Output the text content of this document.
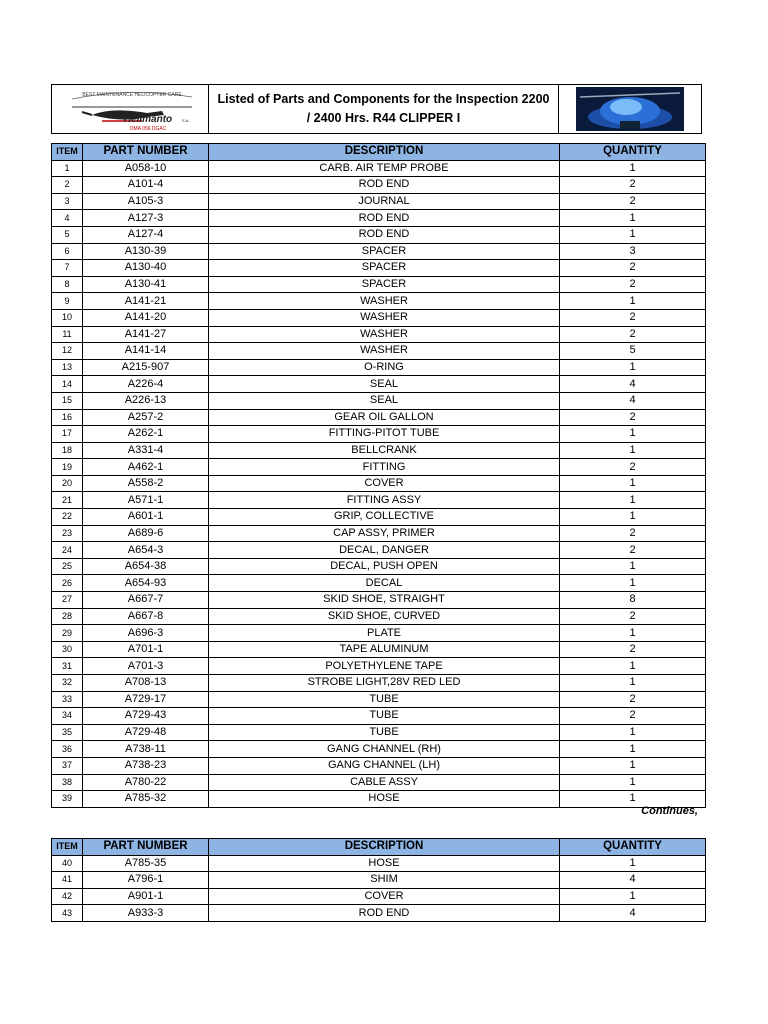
BEST MAINTENANCE HELICOPTER CARE
Helimanto S.A.
OMA 056 DGAC
Listed of Parts and Components for the Inspection 2200
/ 2400 Hrs. R44 CLIPPER I
ITEM	PART NUMBER	DESCRIPTION	QUANTITY
1	A058-10	CARB. AIR TEMP PROBE	1
2	A101-4	ROD END	2
3	A105-3	JOURNAL	2
4	A127-3	ROD END	1
5	A127-4	ROD END	1
6	A130-39	SPACER	3
7	A130-40	SPACER	2
8	A130-41	SPACER	2
9	A141-21	WASHER	1
10	A141-20	WASHER	2
11	A141-27	WASHER	2
12	A141-14	WASHER	5
13	A215-907	O-RING	1
14	A226-4	SEAL	4
15	A226-13	SEAL	4
16	A257-2	GEAR OIL GALLON	2
17	A262-1	FITTING-PITOT TUBE	1
18	A331-4	BELLCRANK	1
19	A462-1	FITTING	2
20	A558-2	COVER	1
21	A571-1	FITTING ASSY	1
22	A601-1	GRIP, COLLECTIVE	1
23	A689-6	CAP ASSY, PRIMER	2
24	A654-3	DECAL, DANGER	2
25	A654-38	DECAL, PUSH OPEN	1
26	A654-93	DECAL	1
27	A667-7	SKID SHOE, STRAIGHT	8
28	A667-8	SKID SHOE, CURVED	2
29	A696-3	PLATE	1
30	A701-1	TAPE ALUMINUM	2
31	A701-3	POLYETHYLENE TAPE	1
32	A708-13	STROBE LIGHT,28V RED LED	1
33	A729-17	TUBE	2
34	A729-43	TUBE	2
35	A729-48	TUBE	1
36	A738-11	GANG CHANNEL (RH)	1
37	A738-23	GANG CHANNEL (LH)	1
38	A780-22	CABLE ASSY	1
39	A785-32	HOSE	1
Continues,
ITEM	PART NUMBER	DESCRIPTION	QUANTITY
40	A785-35	HOSE	1
41	A796-1	SHIM	4
42	A901-1	COVER	1
43	A933-3	ROD END	4
